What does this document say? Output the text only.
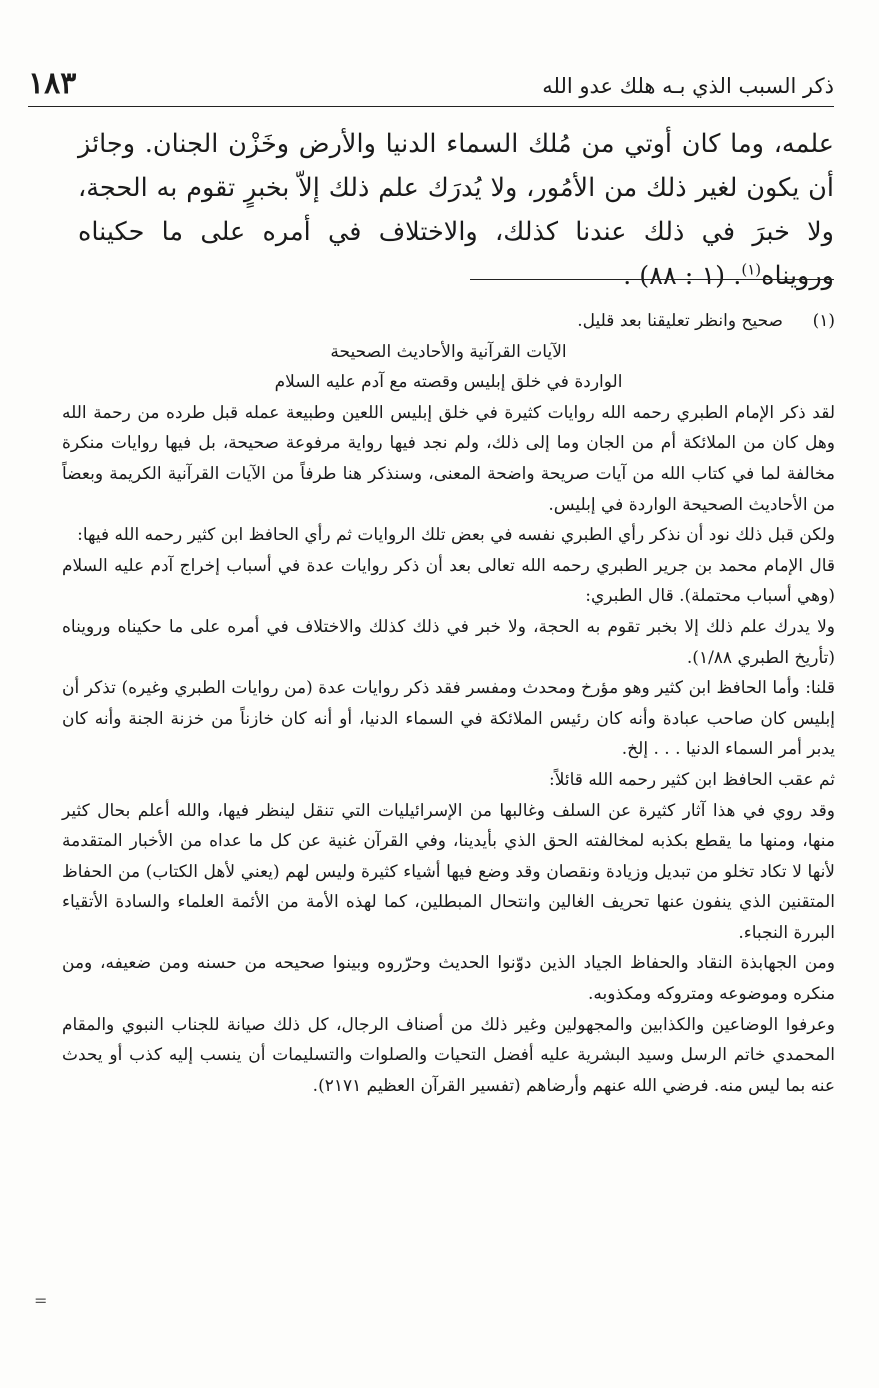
ذكر السبب الذي بـه هلك عدو الله
١٨٣
علمه، وما كان أوتي من مُلك السماء الدنيا والأرض وخَزْن الجنان. وجائز أن يكون لغير ذلك من الأمُور، ولا يُدرَك علم ذلك إلاّ بخبرٍ تقوم به الحجة، ولا خبرَ في ذلك عندنا كذلك، والاختلاف في أمره على ما حكيناه ورويناه$^{(١)}$. (١ : ٨٨) .
(١)
صحيح وانظر تعليقنا بعد قليل.
الآيات القرآنية والأحاديث الصحيحة
الواردة في خلق إبليس وقصته مع آدم عليه السلام
لقد ذكر الإمام الطبري رحمه الله روايات كثيرة في خلق إبليس اللعين وطبيعة عمله قبل طرده من رحمة الله وهل كان من الملائكة أم من الجان وما إلى ذلك، ولم نجد فيها رواية مرفوعة صحيحة، بل فيها روايات منكرة مخالفة لما في كتاب الله من آيات صريحة واضحة المعنى، وسنذكر هنا طرفاً من الآيات القرآنية الكريمة وبعضاً من الأحاديث الصحيحة الواردة في إبليس.
ولكن قبل ذلك نود أن نذكر رأي الطبري نفسه في بعض تلك الروايات ثم رأي الحافظ ابن كثير رحمه الله فيها:
قال الإمام محمد بن جرير الطبري رحمه الله تعالى بعد أن ذكر روايات عدة في أسباب إخراج آدم عليه السلام (وهي أسباب محتملة). قال الطبري:
ولا يدرك علم ذلك إلا بخبر تقوم به الحجة، ولا خبر في ذلك كذلك والاختلاف في أمره على ما حكيناه ورويناه (تأريخ الطبري ١/٨٨).
قلنا: وأما الحافظ ابن كثير وهو مؤرخ ومحدث ومفسر فقد ذكر روايات عدة (من روايات الطبري وغيره) تذكر أن إبليس كان صاحب عبادة وأنه كان رئيس الملائكة في السماء الدنيا، أو أنه كان خازناً من خزنة الجنة وأنه كان يدبر أمر السماء الدنيا . . . إلخ.
ثم عقب الحافظ ابن كثير رحمه الله قائلاً:
وقد روي في هذا آثار كثيرة عن السلف وغالبها من الإسرائيليات التي تنقل لينظر فيها، والله أعلم بحال كثير منها، ومنها ما يقطع بكذبه لمخالفته الحق الذي بأيدينا، وفي القرآن غنية عن كل ما عداه من الأخبار المتقدمة لأنها لا تكاد تخلو من تبديل وزيادة ونقصان وقد وضع فيها أشياء كثيرة وليس لهم (يعني لأهل الكتاب) من الحفاظ المتقنين الذي ينفون عنها تحريف الغالين وانتحال المبطلين، كما لهذه الأمة من الأئمة العلماء والسادة الأتقياء البررة النجباء.
ومن الجهابذة النقاد والحفاظ الجياد الذين دوّنوا الحديث وحرّروه وبينوا صحيحه من حسنه ومن ضعيفه، ومن منكره وموضوعه ومتروكه ومكذوبه.
وعرفوا الوضاعين والكذابين والمجهولين وغير ذلك من أصناف الرجال، كل ذلك صيانة للجناب النبوي والمقام المحمدي خاتم الرسل وسيد البشرية عليه أفضل التحيات والصلوات والتسليمات أن ينسب إليه كذب أو يحدث عنه بما ليس منه. فرضي الله عنهم وأرضاهم (تفسير القرآن العظيم ٢١٧١).
=
